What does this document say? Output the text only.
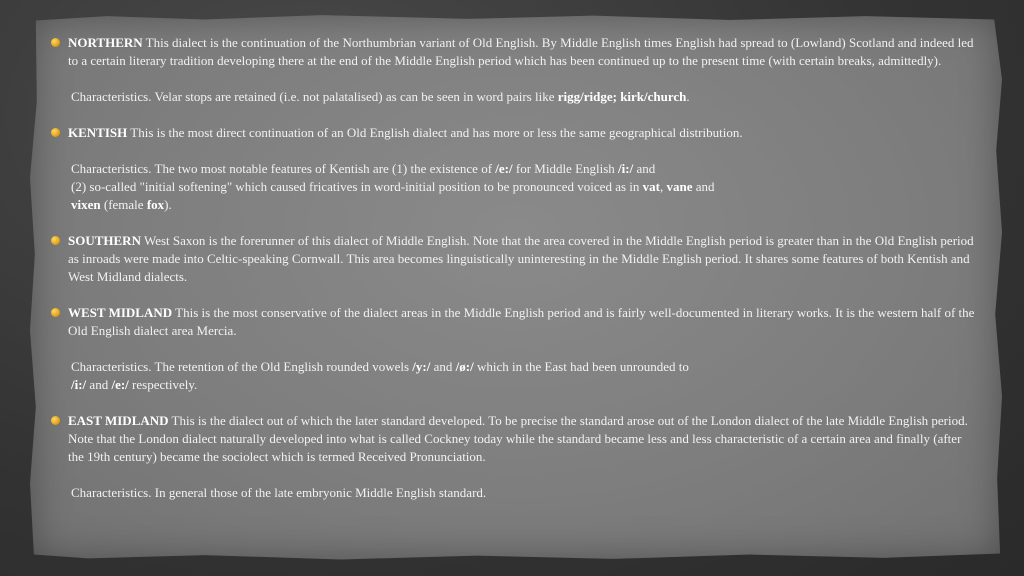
NORTHERN This dialect is the continuation of the Northumbrian variant of Old English. By Middle English times English had spread to (Lowland) Scotland and indeed led to a certain literary tradition developing there at the end of the Middle English period which has been continued up to the present time (with certain breaks, admittedly).
Characteristics. Velar stops are retained (i.e. not palatalised) as can be seen in word pairs like rigg/ridge; kirk/church.
KENTISH This is the most direct continuation of an Old English dialect and has more or less the same geographical distribution.
Characteristics. The two most notable features of Kentish are (1) the existence of /e:/ for Middle English /i:/ and
(2) so-called "initial softening" which caused fricatives in word-initial position to be pronounced voiced as in vat, vane and
vixen (female fox).
SOUTHERN West Saxon is the forerunner of this dialect of Middle English. Note that the area covered in the Middle English period is greater than in the Old English period as inroads were made into Celtic-speaking Cornwall. This area becomes linguistically uninteresting in the Middle English period. It shares some features of both Kentish and West Midland dialects.
WEST MIDLAND This is the most conservative of the dialect areas in the Middle English period and is fairly well-documented in literary works. It is the western half of the Old English dialect area Mercia.
Characteristics. The retention of the Old English rounded vowels /y:/ and /ø:/ which in the East had been unrounded to
/i:/ and /e:/ respectively.
EAST MIDLAND This is the dialect out of which the later standard developed. To be precise the standard arose out of the London dialect of the late Middle English period. Note that the London dialect naturally developed into what is called Cockney today while the standard became less and less characteristic of a certain area and finally (after the 19th century) became the sociolect which is termed Received Pronunciation.
Characteristics. In general those of the late embryonic Middle English standard.
